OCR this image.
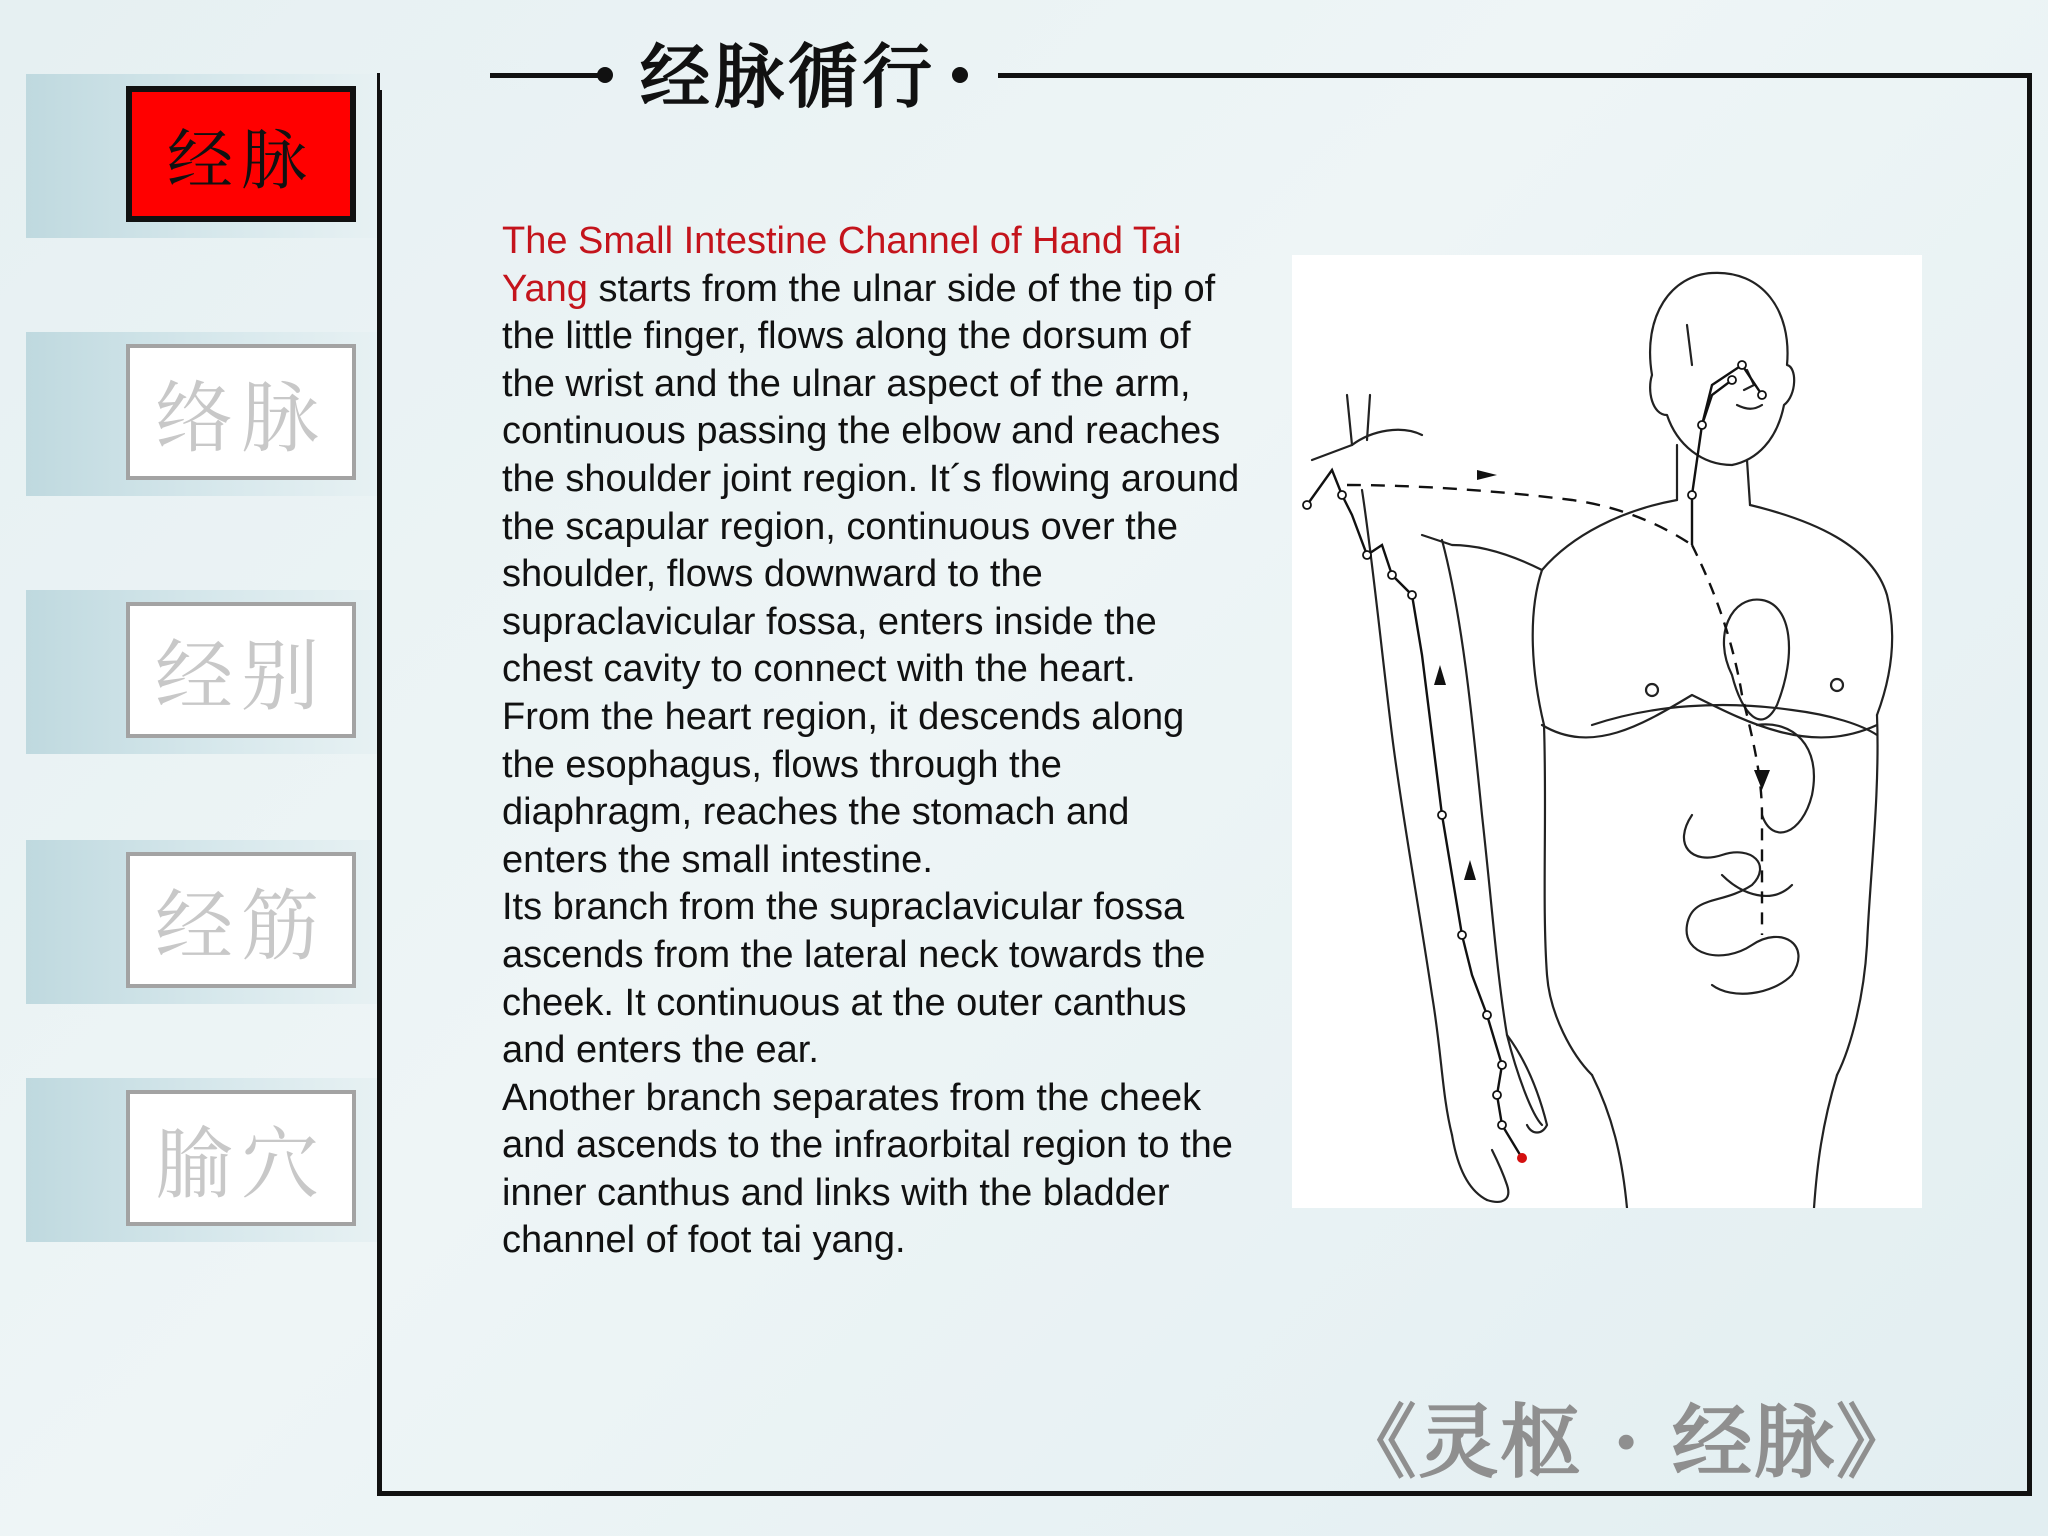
经脉
络脉
经别
经筋
腧穴
经脉循行

The Small Intestine Channel of Hand Tai Yang starts from the ulnar side of the tip of the little finger, flows along the dorsum of the wrist and the ulnar aspect of the arm, continuous passing the elbow and reaches the shoulder joint region. It´s flowing around the scapular region, continuous over the shoulder, flows downward to the supraclavicular fossa, enters inside the chest cavity to connect with the heart.

From the heart region, it descends along the esophagus, flows through the diaphragm, reaches the stomach and enters the small intestine.

Its branch from the supraclavicular fossa ascends from the lateral neck towards the cheek. It continuous at the outer canthus and enters the ear.

Another branch separates from the cheek and ascends to the infraorbital region to the inner canthus and links with the bladder channel of foot tai yang.

《灵枢 · 经脉》
